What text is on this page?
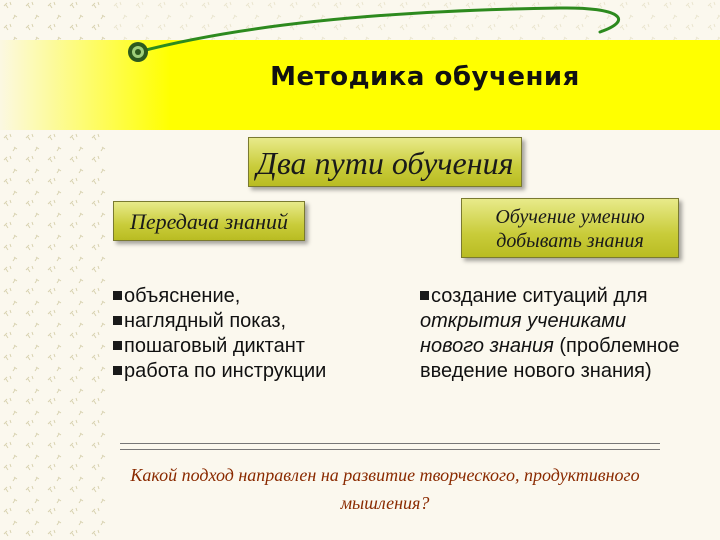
Методика обучения
Два пути обучения
Передача знаний	Обучение умению
добывать знания
объяснение,
наглядный показ,
пошаговый диктант
работа по инструкции
создание ситуаций для открытия учениками нового знания (проблемное введение нового знания)
Какой подход направлен на развитие творческого, продуктивного
мышления?
